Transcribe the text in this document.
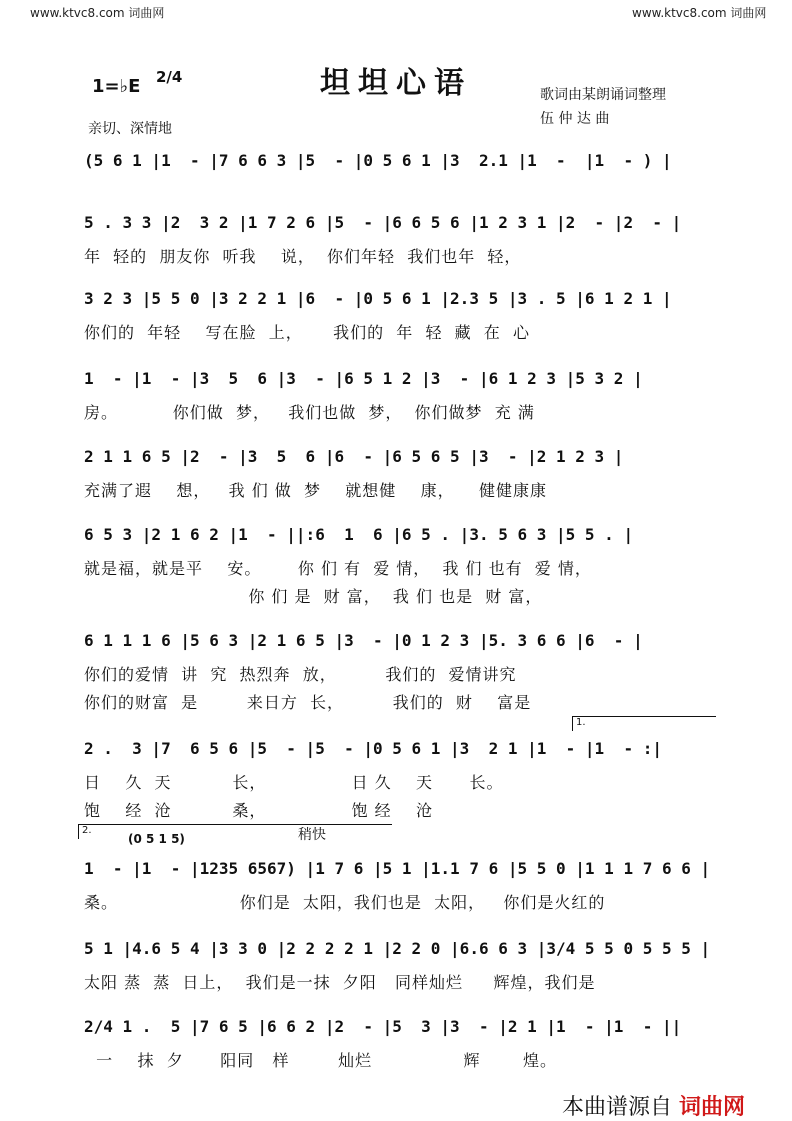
www.ktvc8.com 词曲网	www.ktvc8.com 词曲网
坦坦心语
1=♭E 2/4
歌词由某朗诵词整理
伍 仲 达 曲
亲切、深情地
(5 6 1 |1  - |7 6 6 3 |5  - |0 5 6 1 |3  2.1 |1  -  |1  - ) |
5 . 3 3 |2  3 2 |1 7 2 6 |5  - |6 6 5 6 |1 2 3 1 |2  - |2  - |
年  轻的  朋友你  听我    说，  你们年轻  我们也年  轻，
3 2 3 |5 5 0 |3 2 2 1 |6  - |0 5 6 1 |2.3 5 |3 . 5 |6 1 2 1 |
你们的  年轻    写在脸  上，     我们的  年  轻  藏  在  心
1  - |1  - |3  5  6 |3  - |6 5 1 2 |3  - |6 1 2 3 |5 3 2 |
房。         你们做  梦，   我们也做  梦，  你们做梦  充 满
2 1 1 6 5 |2  - |3  5  6 |6  - |6 5 6 5 |3  - |2 1 2 3 |
充满了遐    想，   我 们 做  梦    就想健    康，    健健康康
6 5 3 |2 1 6 2 |1  - ||:6  1  6 |6 5 . |3. 5 6 3 |5 5 . |
就是福，就是平    安。      你 们 有  爱 情，  我 们 也有  爱 情，
你 们 是  财 富，  我 们 也是  财 富，
6 1 1 1 6 |5 6 3 |2 1 6 5 |3  - |0 1 2 3 |5. 3 6 6 |6  - |
你们的爱情  讲  究  热烈奔  放，        我们的  爱情讲究
你们的财富  是        来日方  长，        我们的  财    富是
1.
2 .  3 |7  6 5 6 |5  - |5  - |0 5 6 1 |3  2 1 |1  - |1  - :|
日    久  天          长，              日 久    天      长。
饱    经  沧          桑，              饱 经    沧
2.
(0 5 1 5)	稍快
1  - |1  - |1235 6567) |1 7 6 |5 1 |1.1 7 6 |5 5 0 |1 1 1 7 6 6 |
桑。                    你们是  太阳，我们也是  太阳，   你们是火红的
5 1 |4.6 5 4 |3 3 0 |2 2 2 2 1 |2 2 0 |6.6 6 3 |3/4 5 5 0 5 5 5 |
太阳 蒸  蒸  日上，  我们是一抹  夕阳   同样灿烂     辉煌，我们是
2/4 1 .  5 |7 6 5 |6 6 2 |2  - |5  3 |3  - |2 1 |1  - |1  - ||
一    抹  夕      阳同   样        灿烂               辉       煌。
本曲谱源自 词曲网
